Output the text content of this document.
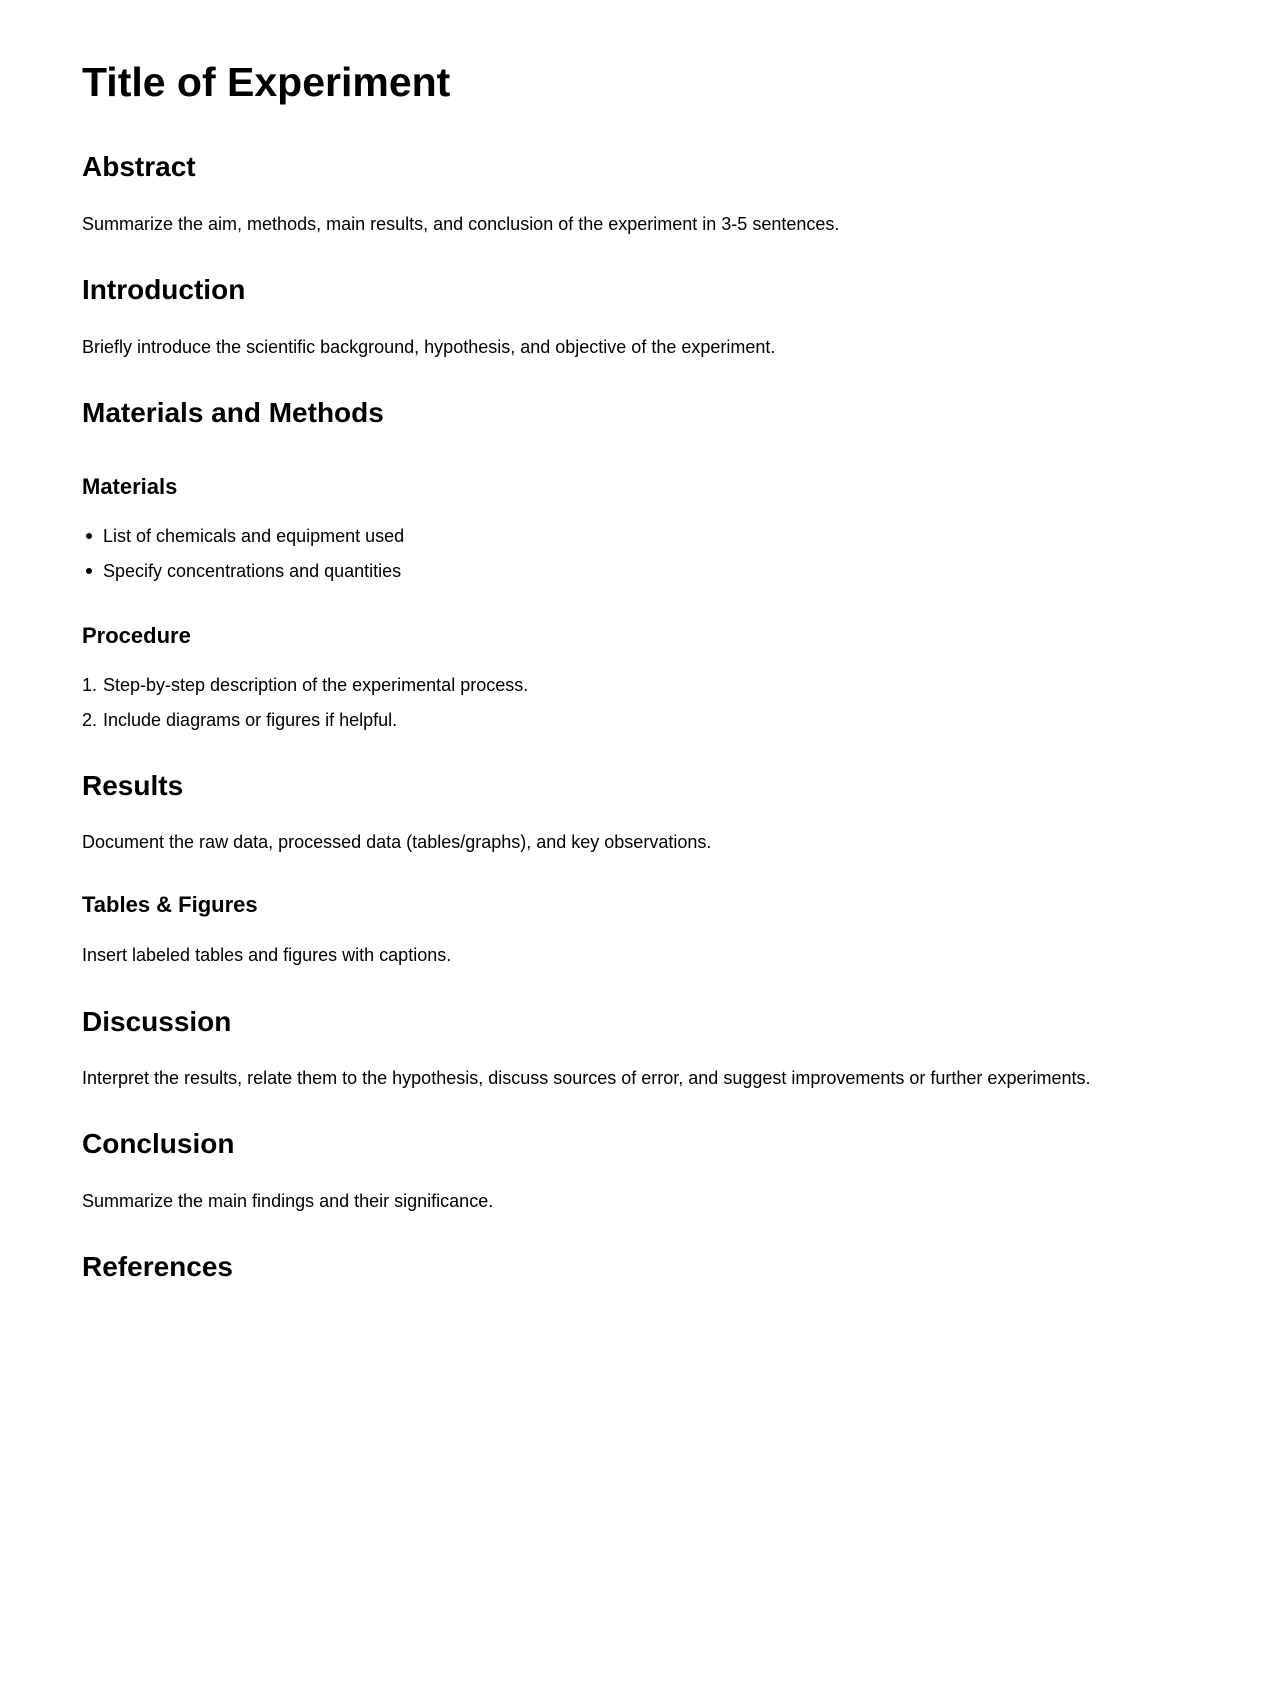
Title of Experiment
Abstract

Summarize the aim, methods, main results, and conclusion of the experiment in 3-5 sentences.

Introduction

Briefly introduce the scientific background, hypothesis, and objective of the experiment.

Materials and Methods
Materials
List of chemicals and equipment used
Specify concentrations and quantities
Procedure
1. Step-by-step description of the experimental process.
2. Include diagrams or figures if helpful.
Results

Document the raw data, processed data (tables/graphs), and key observations.

Tables & Figures

Insert labeled tables and figures with captions.

Discussion

Interpret the results, relate them to the hypothesis, discuss sources of error, and suggest improvements or further experiments.

Conclusion

Summarize the main findings and their significance.

References
